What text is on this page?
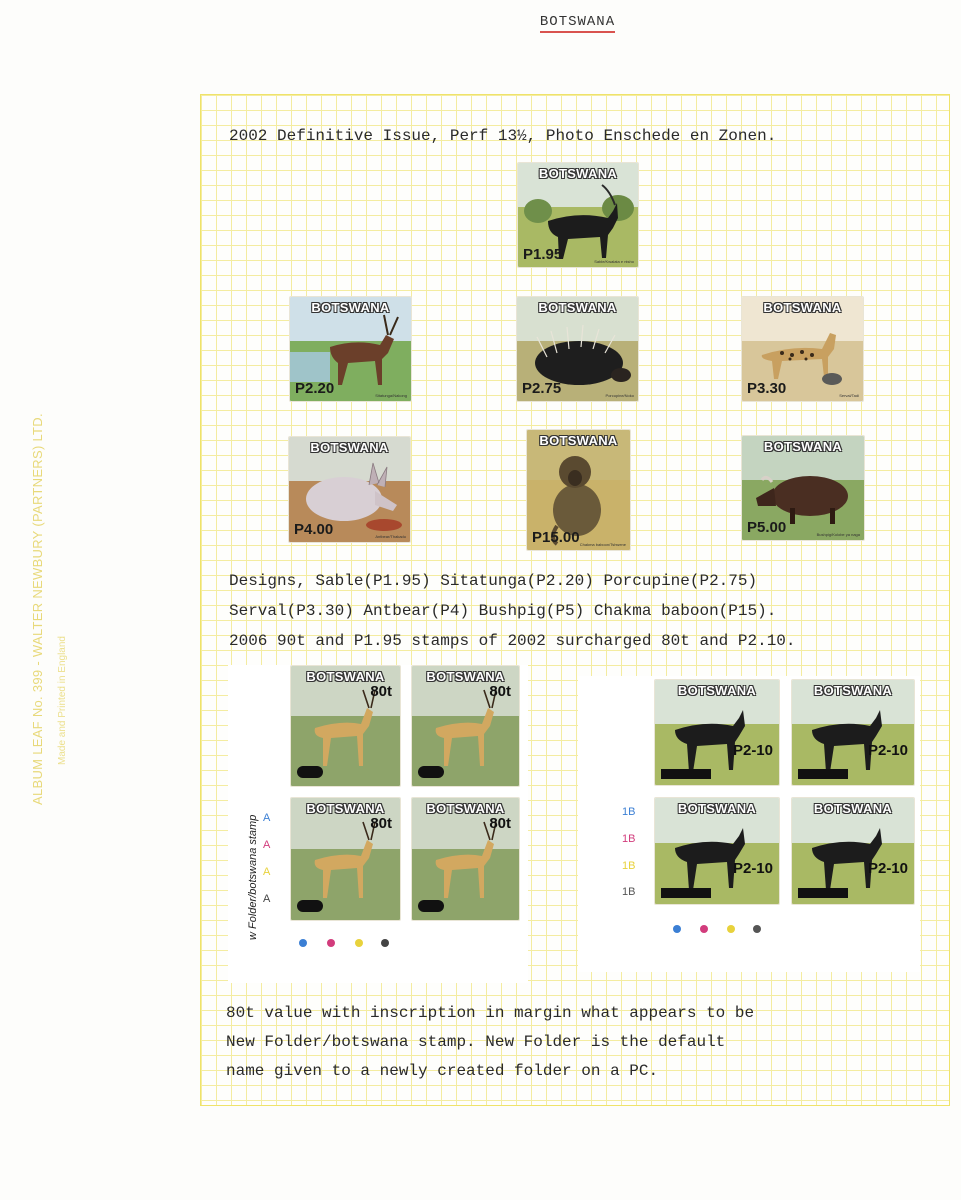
BOTSWANA
ALBUM LEAF No. 399 - WALTER NEWBURY (PARTNERS) LTD. Made and Printed in England
2002 Definitive Issue, Perf 13½, Photo Enschede en Zonen.
BOTSWANA
P1.95	Sable/Kwalata e ntsho
BOTSWANA
P2.20	Sitatunga/Nakong
BOTSWANA
P2.75	Porcupine/Noko
BOTSWANA
P3.30	Serval/Tadi
BOTSWANA
P4.00	Antbear/Thakadu
BOTSWANA
P15.00 Chakma baboon/Tshwene
BOTSWANA
P5.00	Bushpig/Kolobe ya naga
Designs, Sable(P1.95) Sitatunga(P2.20) Porcupine(P2.75)
Serval(P3.30) Antbear(P4) Bushpig(P5) Chakma baboon(P15).
2006 90t and P1.95 stamps of 2002 surcharged 80t and P2.10.
BOTSWANA
80t
BOTSWANA
80t
BOTSWANA
80t
BOTSWANA
80t
A
A
A
A
w Folder/botswana stamp
BOTSWANA
P2-10
BOTSWANA
P2-10
BOTSWANA
P2-10
BOTSWANA
P2-10
1B
1B
1B
1B
80t value with inscription in margin what appears to be
New Folder/botswana stamp. New Folder is the default
name given to a newly created folder on a PC.
